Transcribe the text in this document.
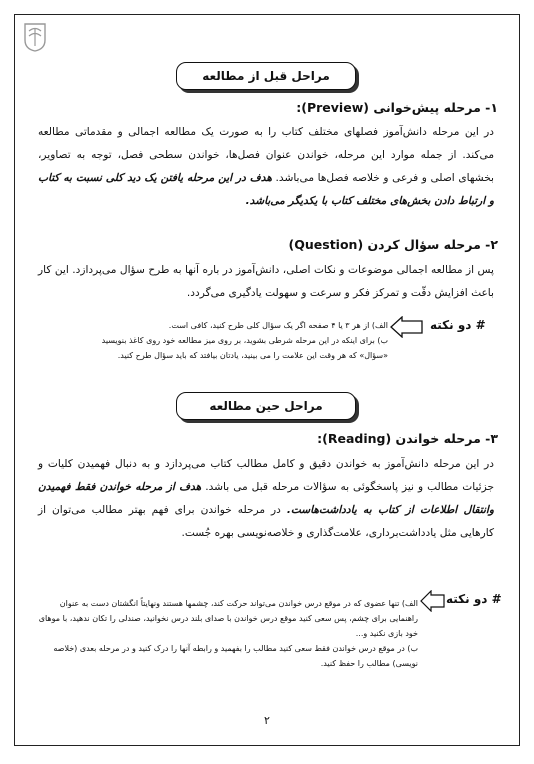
مراحل قبل از مطالعه
۱- مرحله پیش‌خوانی (Preview):
در این مرحله دانش‌آموز فصلهای مختلف کتاب را به صورت یک مطالعه اجمالی و مقدماتی مطالعه می‌کند. از جمله موارد این مرحله، خواندن عنوان فصل‌ها، خواندن سطحی فصل، توجه به تصاویر، بخشهای اصلی و فرعی و خلاصه فصل‌ها می‌باشد. هدف در این مرحله یافتن یک دید کلی نسبت به کتاب و ارتباط دادن بخش‌های مختلف کتاب با یکدیگر می‌باشد.
۲- مرحله سؤال کردن (Question)
پس از مطالعه اجمالی موضوعات و نکات اصلی، دانش‌آموز در باره آنها به طرح سؤال می‌پردازد. این کار باعث افزایش دقّت و تمرکز فکر و سرعت و سهولت یادگیری می‌گردد.
# دو نکته
الف) از هر ۳ یا ۴ صفحه اگر یک سؤال کلی طرح کنید، کافی است.
ب) برای اینکه در این مرحله شرطی بشوید، بر روی میز مطالعه خود روی کاغذ بنویسید «سؤال» که هر وقت این علامت را می بینید، یادتان بیافتد که باید سؤال طرح کنید.
مراحل حین مطالعه
۳- مرحله خواندن (Reading):
در این مرحله دانش‌آموز به خواندن دقیق و کامل مطالب کتاب می‌پردازد و به دنبال فهمیدن کلیات و جزئیات مطالب و نیز پاسخگوئی به سؤالات مرحله قبل می باشد. هدف از مرحله خواندن فقط فهمیدن وانتقال اطلاعات از کتاب به یادداشت‌هاست. در مرحله خواندن برای فهم بهتر مطالب می‌توان از کارهایی مثل یادداشت‌برداری، علامت‌گذاری و خلاصه‌نویسی بهره جُست.
# دو نکته
الف) تنها عضوی که در موقع درس خواندن می‌تواند حرکت کند، چشمها هستند ونهایتاً انگشتان دست به عنوان راهنمایی برای چشم، پس سعی کنید موقع درس خواندن با صدای بلند درس نخوانید، صندلی را تکان ندهید، با موهای خود بازی نکنید و...
ب) در موقع درس خواندن فقط سعی کنید مطالب را بفهمید و رابطه آنها را درک کنید و در مرحله بعدی (خلاصه نویسی) مطالب را حفظ کنید.
۲
